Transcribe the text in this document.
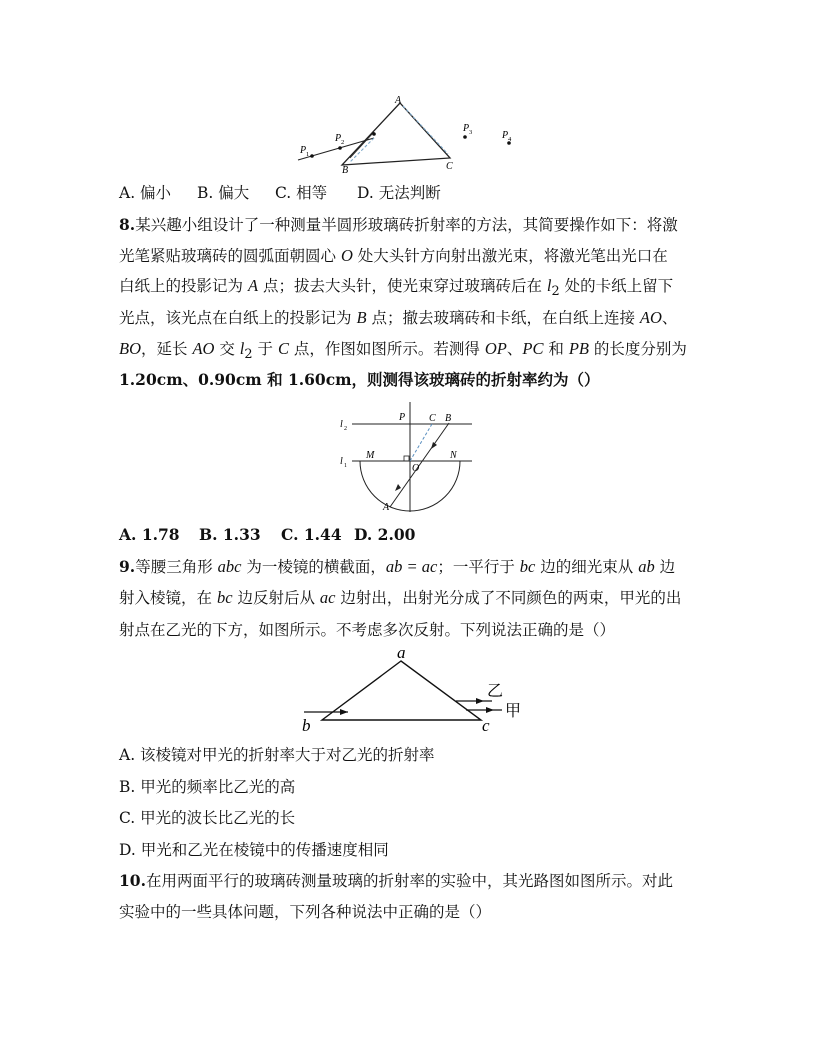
A
B	C
P 1
P 2
P 3	P 4
A. 偏小 B. 偏大 C. 相等 D. 无法判断
8.某兴趣小组设计了一种测量半圆形玻璃砖折射率的方法，其简要操作如下：将激
光笔紧贴玻璃砖的圆弧面朝圆心 O 处大头针方向射出激光束，将激光笔出光口在
白纸上的投影记为 A 点；拔去大头针，使光束穿过玻璃砖后在 $l_2$ 处的卡纸上留下
光点，该光点在白纸上的投影记为 B 点；撤去玻璃砖和卡纸，在白纸上连接 AO、
BO，延长 AO 交 $l_2$ 于 C 点，作图如图所示。若测得 OP、PC 和 PB 的长度分别为
1.20cm、0.90cm 和 1.60cm，则测得该玻璃砖的折射率约为（）
l 2
l 1
P C B
M
O
N
A
A. 1.78 B. 1.33 C. 1.44 D. 2.00
9.等腰三角形 abc 为一棱镜的横截面，ab = ac；一平行于 bc 边的细光束从 ab 边
射入棱镜，在 bc 边反射后从 ac 边射出，出射光分成了不同颜色的两束，甲光的出
射点在乙光的下方，如图所示。不考虑多次反射。下列说法正确的是（）
a
b	c
乙
甲
A. 该棱镜对甲光的折射率大于对乙光的折射率
B. 甲光的频率比乙光的高
C. 甲光的波长比乙光的长
D. 甲光和乙光在棱镜中的传播速度相同
10.在用两面平行的玻璃砖测量玻璃的折射率的实验中，其光路图如图所示。对此
实验中的一些具体问题，下列各种说法中正确的是（）
